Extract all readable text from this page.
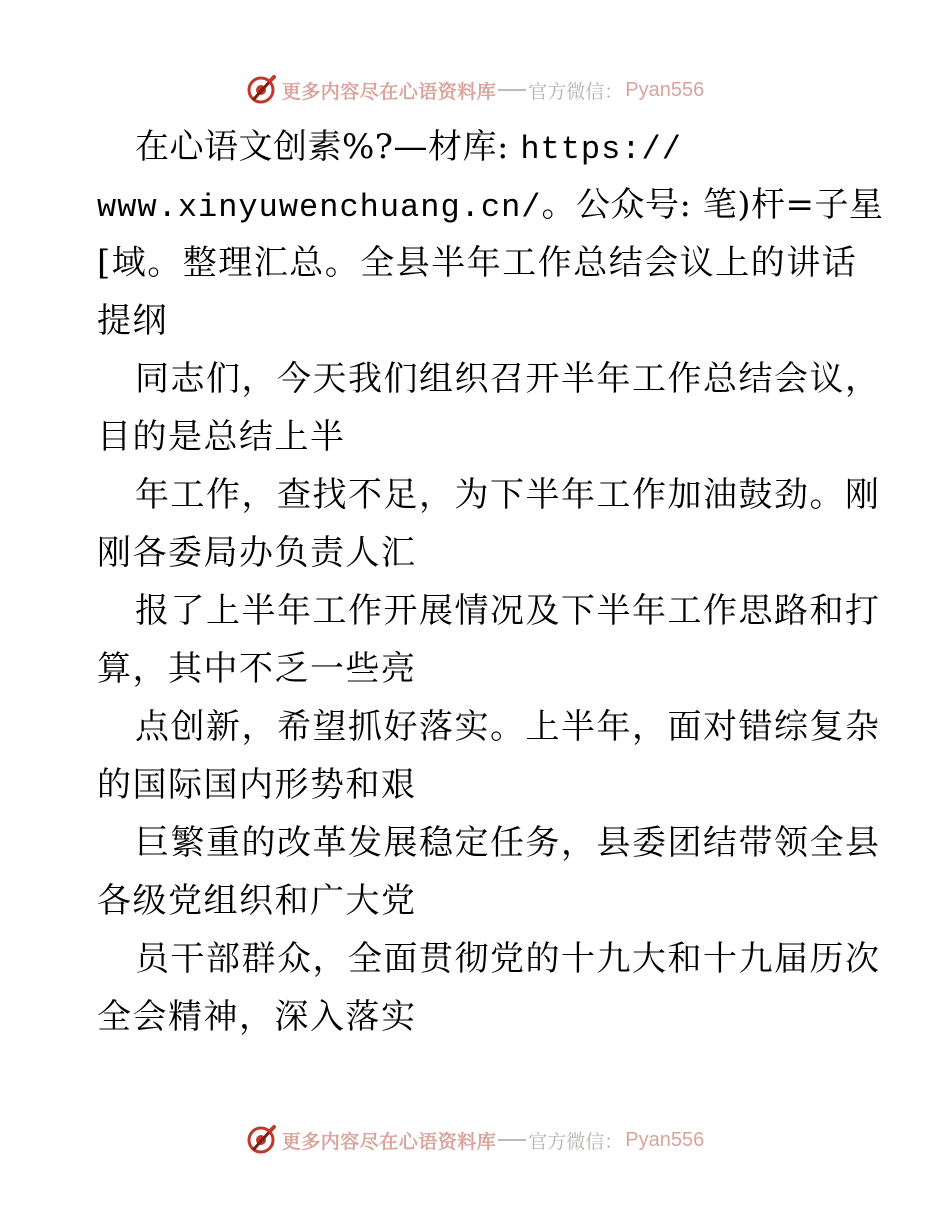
更多内容尽在心语资料库 官方微信： Pyan556
在心语文创素%?—材库: https://
www.xinyuwenchuang.cn/。公众号: 笔)杆=子星
[域。整理汇总。全县半年工作总结会议上的讲话
提纲
同志们，今天我们组织召开半年工作总结会议，
目的是总结上半
年工作，查找不足，为下半年工作加油鼓劲。刚
刚各委局办负责人汇
报了上半年工作开展情况及下半年工作思路和打
算，其中不乏一些亮
点创新，希望抓好落实。上半年，面对错综复杂
的国际国内形势和艰
巨繁重的改革发展稳定任务，县委团结带领全县
各级党组织和广大党
员干部群众，全面贯彻党的十九大和十九届历次
全会精神，深入落实
更多内容尽在心语资料库 官方微信： Pyan556
